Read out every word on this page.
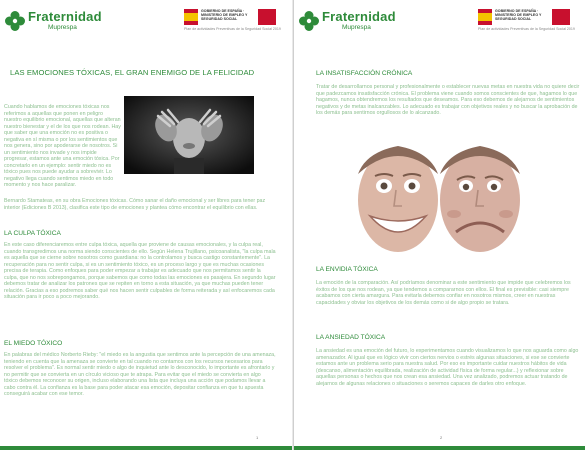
Fraternidad
Muprespa
GOBIERNO DE ESPAÑA · MINISTERIO DE EMPLEO Y SEGURIDAD SOCIAL
Plan de actividades Preventivas de la Seguridad Social 2019
LAS EMOCIONES TÓXICAS, EL GRAN ENEMIGO DE LA FELICIDAD
Cuando hablamos de emociones tóxicas nos referimos a aquellas que ponen en peligro nuestro equilibrio emocional, aquellas que alteran nuestro bienestar y el de los que nos rodean. Hay que saber que una emoción no es positiva o negativa en sí misma o por los sentimientos que nos genera, sino por apoderarse de nosotros. Si un sentimiento nos invade y nos impide progresar, estamos ante una emoción tóxica. Por concretarlo en un ejemplo: sentir miedo no es tóxico pues nos puede ayudar a sobrevivir. Lo negativo llega cuando sentimos miedo en todo momento y nos hace paralizar.
Bernardo Stamateas, en su obra Emociones tóxicas. Cómo sanar el daño emocional y ser libres para tener paz interior (Ediciones B 2013), clasifica este tipo de emociones y plantea cómo encontrar el equilibrio con ellas.
LA CULPA TÓXICA
En este caso diferenciaremos entre culpa tóxica, aquella que proviene de causas emocionales, y la culpa real, cuando transgredimos una norma siendo conscientes de ello. Según Helena Trujillano, psicoanalista, "la culpa mala es aquella que se cierne sobre nosotros como guardiana: no la controlamos y busca castigo constantemente". La recuperación para no sentir culpa, si es un sentimiento tóxico, es un proceso largo y que es muchas ocasiones precisa de terapia. Como enfoques para poder empezar a trabajar es adecuado que nos permitamos sentir la culpa, que no nos sobrepongamos, porque sabemos que como todas las emociones es pasajera. En segundo lugar debemos tratar de analizar los patrones que se repiten en torno a esta situación, ya que muchas pueden tener relación. Gracias a eso podremos saber qué nos hacen sentir culpables de forma reiterada y así enfocaremos cada situación para ir poco a poco mejorando.
EL MIEDO TÓXICO
En palabras del médico Norberto Rieby: "el miedo es la angustia que sentimos ante la percepción de una amenaza, teniendo en cuenta que la amenaza se convierte en tal cuando no contamos con los recursos necesarios para resolver el problema". Es normal sentir miedo o algo de inquietud ante lo desconocido, lo importante es afrontarlo y no permitir que se convierta en un círculo vicioso que te atrapa. Para evitar que el miedo se convierta en algo tóxico debemos reconocer su origen, incluso elaborando una lista que incluya una acción que podamos llevar a cabo contra él. La confianza es la base para poder atacar esa emoción, depositar confianza en que tu apuesta conseguirá acabar con ese temor.
1
Fraternidad
Muprespa
GOBIERNO DE ESPAÑA · MINISTERIO DE EMPLEO Y SEGURIDAD SOCIAL
Plan de actividades Preventivas de la Seguridad Social 2019
LA INSATISFACCIÓN CRÓNICA
Tratar de desarrollarnos personal y profesionalmente o establecer nuevas metas en nuestra vida no quiere decir que padezcamos insatisfacción crónica. El problema viene cuando somos conscientes de que, hagamos lo que hagamos, nunca obtendremos los resultados que deseamos. Para eso debemos de alejarnos de sentimientos negativos y de metas inalcanzables. Lo adecuado es trabajar con objetivos reales y no buscar la aprobación de los demás para sentirnos orgullosos de lo alcanzado.
LA ENVIDIA TÓXICA
La emoción de la comparación. Así podríamos denominar a este sentimiento que impide que celebremos los éxitos de los que nos rodean, ya que tendemos a compararnos con ellos. El final es previsible: casi siempre acabamos con cierta amargura. Para evitarla debemos confiar en nosotros mismos, creer en nuestras capacidades y obviar los objetivos de los demás como si de algo propio se tratara.
LA ANSIEDAD TÓXICA
La ansiedad es una emoción del futuro, lo experimentamos cuando visualizamos lo que nos aguarda como algo amenazador. Al igual que es lógico vivir con ciertos nervios o estrés algunas situaciones, si ese se convierte estamos ante un problema serio para nuestra salud. Por eso es importante cuidar nuestros hábitos de vida (descanso, alimentación equilibrada, realización de actividad física de forma regular...) y reflexionar sobre aquellas personas o hechos que nos crean esa ansiedad. Una vez analizado, podremos actuar tratando de alejarnos de algunas relaciones o situaciones o seremos capaces de darles otro enfoque.
2
